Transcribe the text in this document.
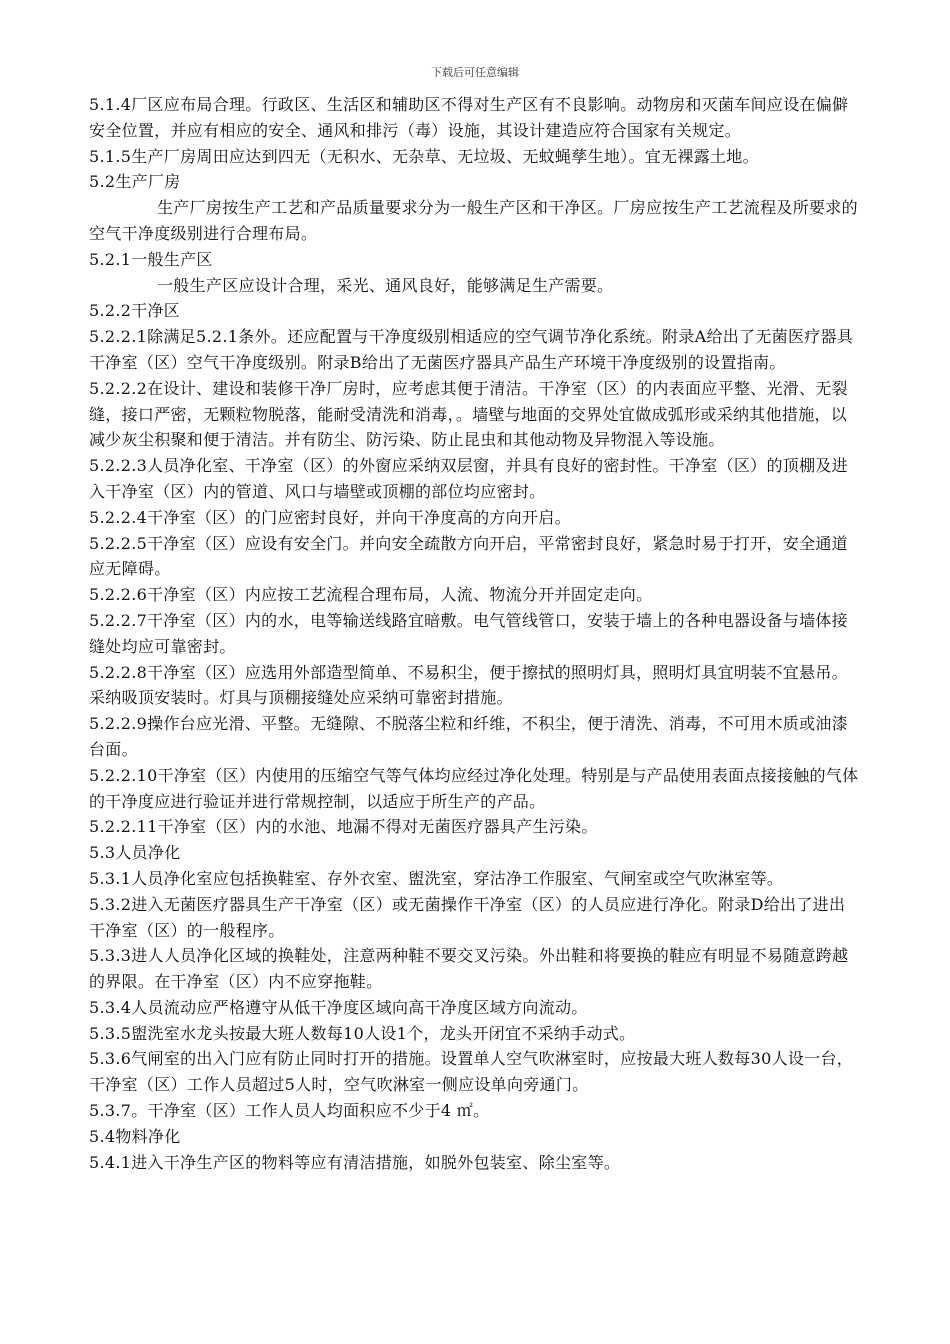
下载后可任意编辑

5.1.4厂区应布局合理。行政区、生活区和辅助区不得对生产区有不良影响。动物房和灭菌车间应设在偏僻安全位置，并应有相应的安全、通风和排污（毒）设施，其设计建造应符合国家有关规定。

5.1.5生产厂房周田应达到四无（无积水、无杂草、无垃圾、无蚊蝇孳生地）。宜无裸露土地。

5.2生产厂房

生产厂房按生产工艺和产品质量要求分为一般生产区和干净区。厂房应按生产工艺流程及所要求的空气干净度级别进行合理布局。

5.2.1一般生产区

一般生产区应设计合理，采光、通风良好，能够满足生产需要。

5.2.2干净区

5.2.2.1除满足5.2.1条外。还应配置与干净度级别相适应的空气调节净化系统。附录A给出了无菌医疗器具干净室（区）空气干净度级别。附录B给出了无菌医疗器具产品生产环境干净度级别的设置指南。

5.2.2.2在设计、建设和装修干净厂房时，应考虑其便于清洁。干净室（区）的内表面应平整、光滑、无裂缝，接口严密，无颗粒物脱落，能耐受清洗和消毒，。墙壁与地面的交界处宜做成弧形或采纳其他措施，以减少灰尘积聚和便于清洁。并有防尘、防污染、防止昆虫和其他动物及异物混入等设施。

5.2.2.3人员净化室、干净室（区）的外窗应采纳双层窗，并具有良好的密封性。干净室（区）的顶棚及进入干净室（区）内的管道、风口与墙壁或顶棚的部位均应密封。

5.2.2.4干净室（区）的门应密封良好，并向干净度高的方向开启。

5.2.2.5干净室（区）应设有安全门。并向安全疏散方向开启，平常密封良好，紧急时易于打开，安全通道应无障碍。

5.2.2.6干净室（区）内应按工艺流程合理布局，人流、物流分开并固定走向。

5.2.2.7干净室（区）内的水，电等输送线路宜暗敷。电气管线管口，安装于墙上的各种电器设备与墙体接缝处均应可靠密封。

5.2.2.8干净室（区）应选用外部造型简单、不易积尘，便于擦拭的照明灯具，照明灯具宜明装不宜悬吊。采纳吸顶安装时。灯具与顶棚接缝处应采纳可靠密封措施。

5.2.2.9操作台应光滑、平整。无缝隙、不脱落尘粒和纤维，不积尘，便于清洗、消毒，不可用木质或油漆台面。

5.2.2.10干净室（区）内使用的压缩空气等气体均应经过净化处理。特别是与产品使用表面点接接触的气体的干净度应进行验证并进行常规控制，以适应于所生产的产品。

5.2.2.11干净室（区）内的水池、地漏不得对无菌医疗器具产生污染。

5.3人员净化

5.3.1人员净化室应包括换鞋室、存外衣室、盥洗室，穿沽净工作服室、气闸室或空气吹淋室等。

5.3.2进入无菌医疗器具生产干净室（区）或无菌操作干净室（区）的人员应进行净化。附录D给出了进出干净室（区）的一般程序。

5.3.3进人人员净化区域的换鞋处，注意两种鞋不要交叉污染。外出鞋和将要换的鞋应有明显不易随意跨越的界限。在干净室（区）内不应穿拖鞋。

5.3.4人员流动应严格遵守从低干净度区域向高干净度区域方向流动。

5.3.5盥洗室水龙头按最大班人数每10人设1个，龙头开闭宜不采纳手动式。

5.3.6气闸室的出入门应有防止同时打开的措施。设置单人空气吹淋室时，应按最大班人数每30人设一台，干净室（区）工作人员超过5人时，空气吹淋室一侧应设单向旁通门。

5.3.7。干净室（区）工作人员人均面积应不少于4 ㎡。

5.4物料净化

5.4.1进入干净生产区的物料等应有清洁措施，如脱外包装室、除尘室等。
